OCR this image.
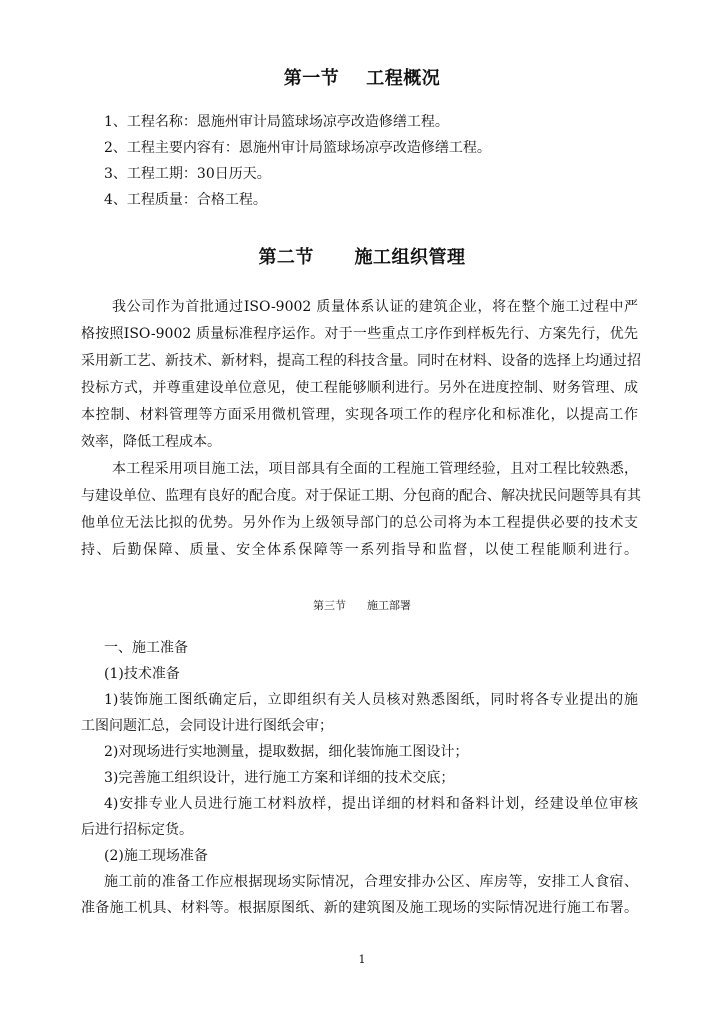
第一节    工程概况
1、工程名称：恩施州审计局篮球场凉亭改造修缮工程。
2、工程主要内容有：恩施州审计局篮球场凉亭改造修缮工程。
3、工程工期：30日历天。
4、工程质量：合格工程。
第二节      施工组织管理
我公司作为首批通过ISO-9002 质量体系认证的建筑企业，将在整个施工过程中严
格按照ISO-9002 质量标准程序运作。对于一些重点工序作到样板先行、方案先行，优先
采用新工艺、新技术、新材料，提高工程的科技含量。同时在材料、设备的选择上均通过招
投标方式，并尊重建设单位意见，使工程能够顺利进行。另外在进度控制、财务管理、成
本控制、材料管理等方面采用微机管理，实现各项工作的程序化和标准化，以提高工作
效率，降低工程成本。
本工程采用项目施工法，项目部具有全面的工程施工管理经验，且对工程比较熟悉，
与建设单位、监理有良好的配合度。对于保证工期、分包商的配合、解决扰民问题等具有其
他单位无法比拟的优势。另外作为上级领导部门的总公司将为本工程提供必要的技术支
持、后勤保障、质量、安全体系保障等一系列指导和监督，以使工程能顺利进行。
第三节      施工部署
一、施工准备
(1)技术准备
1)装饰施工图纸确定后，立即组织有关人员核对熟悉图纸，同时将各专业提出的施
工图问题汇总，会同设计进行图纸会审；
2)对现场进行实地测量，提取数据，细化装饰施工图设计；
3)完善施工组织设计，进行施工方案和详细的技术交底；
4)安排专业人员进行施工材料放样，提出详细的材料和备料计划，经建设单位审核
后进行招标定货。
(2)施工现场准备
施工前的准备工作应根据现场实际情况，合理安排办公区、库房等，安排工人食宿、
准备施工机具、材料等。根据原图纸、新的建筑图及施工现场的实际情况进行施工布署。
1
